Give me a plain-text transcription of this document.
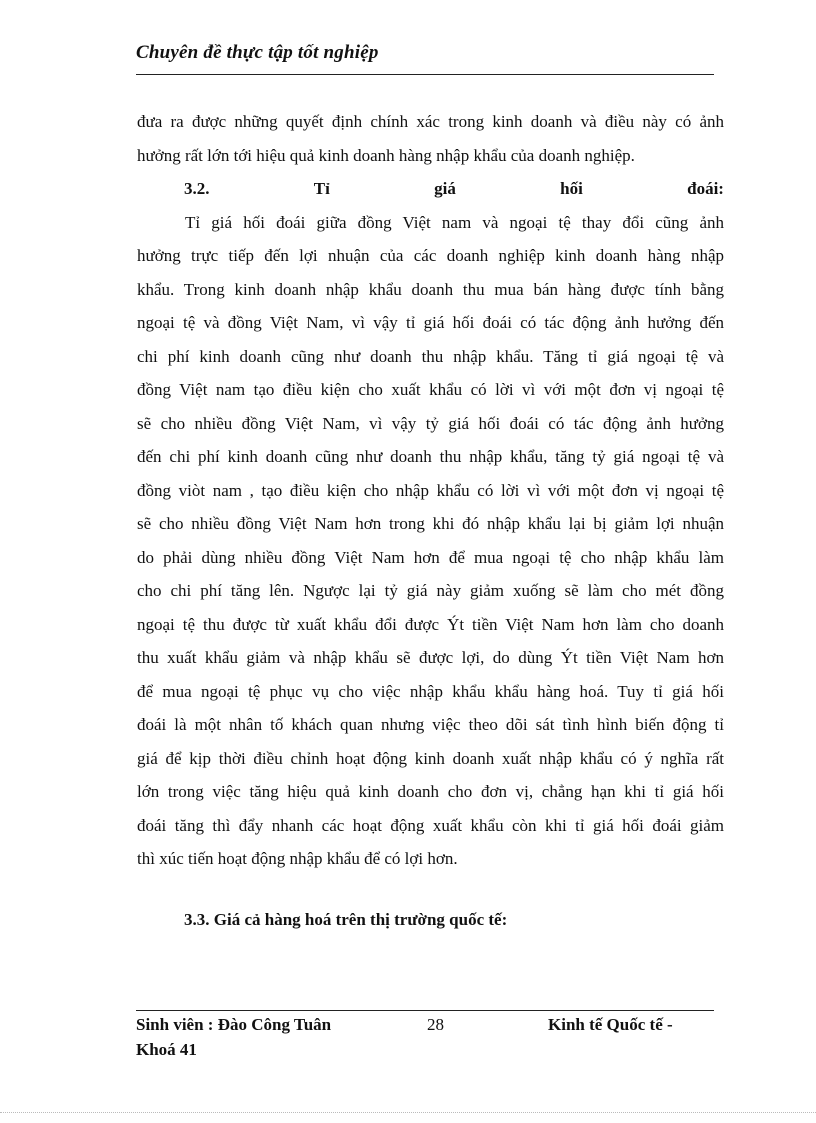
Chuyên đề thực tập tốt nghiệp
đưa ra được những quyết định chính xác trong kinh doanh và điều này có ảnh
hưởng rất lớn tới hiệu quả kinh doanh hàng nhập khẩu của doanh nghiệp.
3.2.	Tỉ	giá	hối	đoái:
Tỉ giá hối đoái giữa đồng Việt nam và ngoại tệ thay đổi cũng ảnh
hưởng trực tiếp đến lợi nhuận của các doanh nghiệp kinh doanh hàng nhập
khẩu. Trong kinh doanh nhập khẩu doanh thu mua bán hàng được tính bằng
ngoại tệ và đồng Việt Nam, vì vậy tỉ giá hối đoái có tác động ảnh hưởng đến
chi phí kinh doanh cũng như doanh thu nhập khẩu. Tăng tỉ giá ngoại tệ và
đồng Việt nam tạo điều kiện cho xuất khẩu có lời vì với một đơn vị ngoại tệ
sẽ cho nhiều đồng Việt Nam, vì vậy tỷ giá hối đoái có tác động ảnh hưởng
đến chi phí kinh doanh cũng như doanh thu nhập khẩu, tăng tỷ giá ngoại tệ và
đồng viòt nam , tạo điều kiện cho nhập khẩu có lời vì với một đơn vị ngoại tệ
sẽ cho nhiều đồng Việt Nam hơn trong khi đó nhập khẩu lại bị giảm lợi nhuận
do phải dùng nhiều đồng Việt Nam hơn để mua ngoại tệ cho nhập khẩu làm
cho chi phí tăng lên. Ngược lại tỷ giá này giảm xuống sẽ làm cho mét đồng
ngoại tệ thu được từ xuất khẩu đổi được Ýt tiền Việt Nam hơn làm cho doanh
thu xuất khẩu giảm và nhập khẩu sẽ được lợi, do dùng Ýt tiền Việt Nam hơn
để mua ngoại tệ phục vụ cho việc nhập khẩu khẩu hàng hoá. Tuy tỉ giá hối
đoái là một nhân tố khách quan nhưng việc theo dõi sát tình hình biến động tỉ
giá để kịp thời điều chỉnh hoạt động kinh doanh xuất nhập khẩu có ý nghĩa rất
lớn trong việc tăng hiệu quả kinh doanh cho đơn vị, chẳng hạn khi tỉ giá hối
đoái tăng thì đẩy nhanh các hoạt động xuất khẩu còn khi tỉ giá hối đoái giảm
thì xúc tiến hoạt động nhập khẩu để có lợi hơn.
3.3. Giá cả hàng hoá trên thị trường quốc tế:
Sinh viên : Đào Công Tuân	28	Kinh tế Quốc tế -
Khoá 41
